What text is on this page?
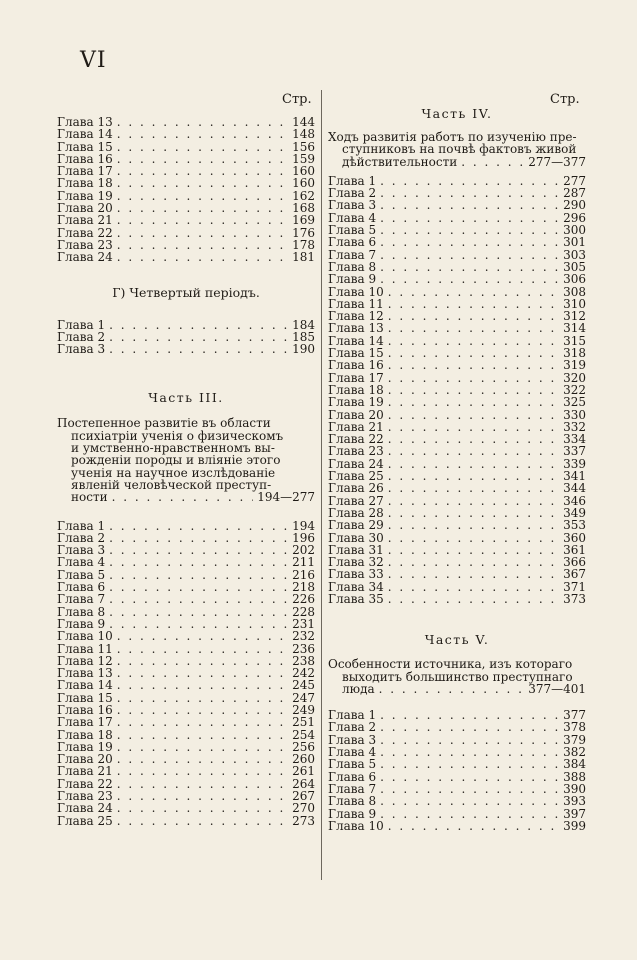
VI
Стр.	Стр.
Глава 13 . . .	144
Глава 14 . . .	148
Глава 15 . . .	156
Глава 16 . . .	159
Глава 17 . . .	160
Глава 18 . . .	160
Глава 19 . . .	162
Глава 20 . . .	168
Глава 21 . . .	169
Глава 22 . . .	176
Глава 23 . . .	178
Глава 24 . . .	181
Г) Четвертый періодъ.
Глава 1 . . .	184
Глава 2 . . .	185
Глава 3 . . .	190
Часть III.
Постепенное развитіе въ области
психіатріи ученія о физическомъ
и умственно-нравственномъ вы-
рожденіи породы и вліяніе этого
ученія на научное изслѣдованіе
явленій человѣческой преступ-
ности . . .	194—277
Глава 1 . . .	194
Глава 2 . . .	196
Глава 3 . . .	202
Глава 4 . . .	211
Глава 5 . . .	216
Глава 6 . . .	218
Глава 7 . . .	226
Глава 8 . . .	228
Глава 9 . . .	231
Глава 10 . . .	232
Глава 11 . . .	236
Глава 12 . . .	238
Глава 13 . . .	242
Глава 14 . . .	245
Глава 15 . . .	247
Глава 16 . . .	249
Глава 17 . . .	251
Глава 18 . . .	254
Глава 19 . . .	256
Глава 20 . . .	260
Глава 21 . . .	261
Глава 22 . . .	264
Глава 23 . . .	267
Глава 24 . . .	270
Глава 25 . . .	273
Часть IV.
Ходъ развитія работъ по изученію пре-
ступниковъ на почвѣ фактовъ живой
дѣйствительности . . .	277—377
Глава 1 . . .	277
Глава 2 . . .	287
Глава 3 . . .	290
Глава 4 . . .	296
Глава 5 . . .	300
Глава 6 . . .	301
Глава 7 . . .	303
Глава 8 . . .	305
Глава 9 . . .	306
Глава 10 . . .	308
Глава 11 . . .	310
Глава 12 . . .	312
Глава 13 . . .	314
Глава 14 . . .	315
Глава 15 . . .	318
Глава 16 . . .	319
Глава 17 . . .	320
Глава 18 . . .	322
Глава 19 . . .	325
Глава 20 . . .	330
Глава 21 . . .	332
Глава 22 . . .	334
Глава 23 . . .	337
Глава 24 . . .	339
Глава 25 . . .	341
Глава 26 . . .	344
Глава 27 . . .	346
Глава 28 . . .	349
Глава 29 . . .	353
Глава 30 . . .	360
Глава 31 . . .	361
Глава 32 . . .	366
Глава 33 . . .	367
Глава 34 . . .	371
Глава 35 . . .	373
Часть V.
Особенности источника, изъ котораго
выходитъ большинство преступнаго
люда . . .	377—401
Глава 1 . . .	377
Глава 2 . . .	378
Глава 3 . . .	379
Глава 4 . . .	382
Глава 5 . . .	384
Глава 6 . . .	388
Глава 7 . . .	390
Глава 8 . . .	393
Глава 9 . . .	397
Глава 10 . . .	399
